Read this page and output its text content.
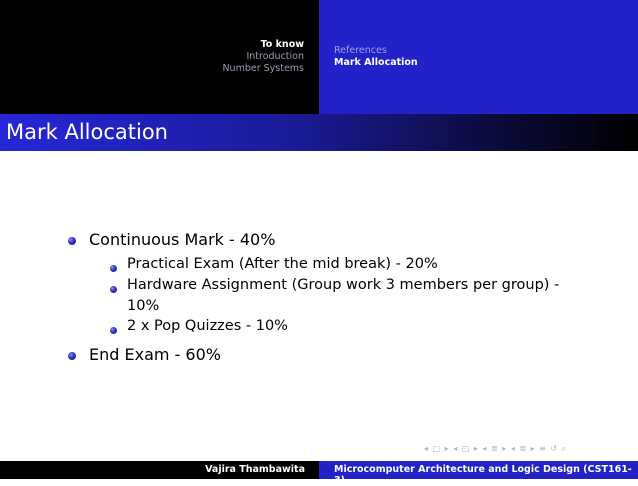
To know
Introduction
Number Systems
References
Mark Allocation
Mark Allocation
Continuous Mark - 40%
Practical Exam (After the mid break) - 20%
Hardware Assignment (Group work 3 members per group) -
10%
2 x Pop Quizzes - 10%
End Exam - 60%
◂ □ ▸ ◂ ◰ ▸ ◂ ≣ ▸ ◂ ≣ ▸ ≡ ↺ ⌕
Vajira Thambawita	Microcomputer Architecture and Logic Design (CST161-3)
